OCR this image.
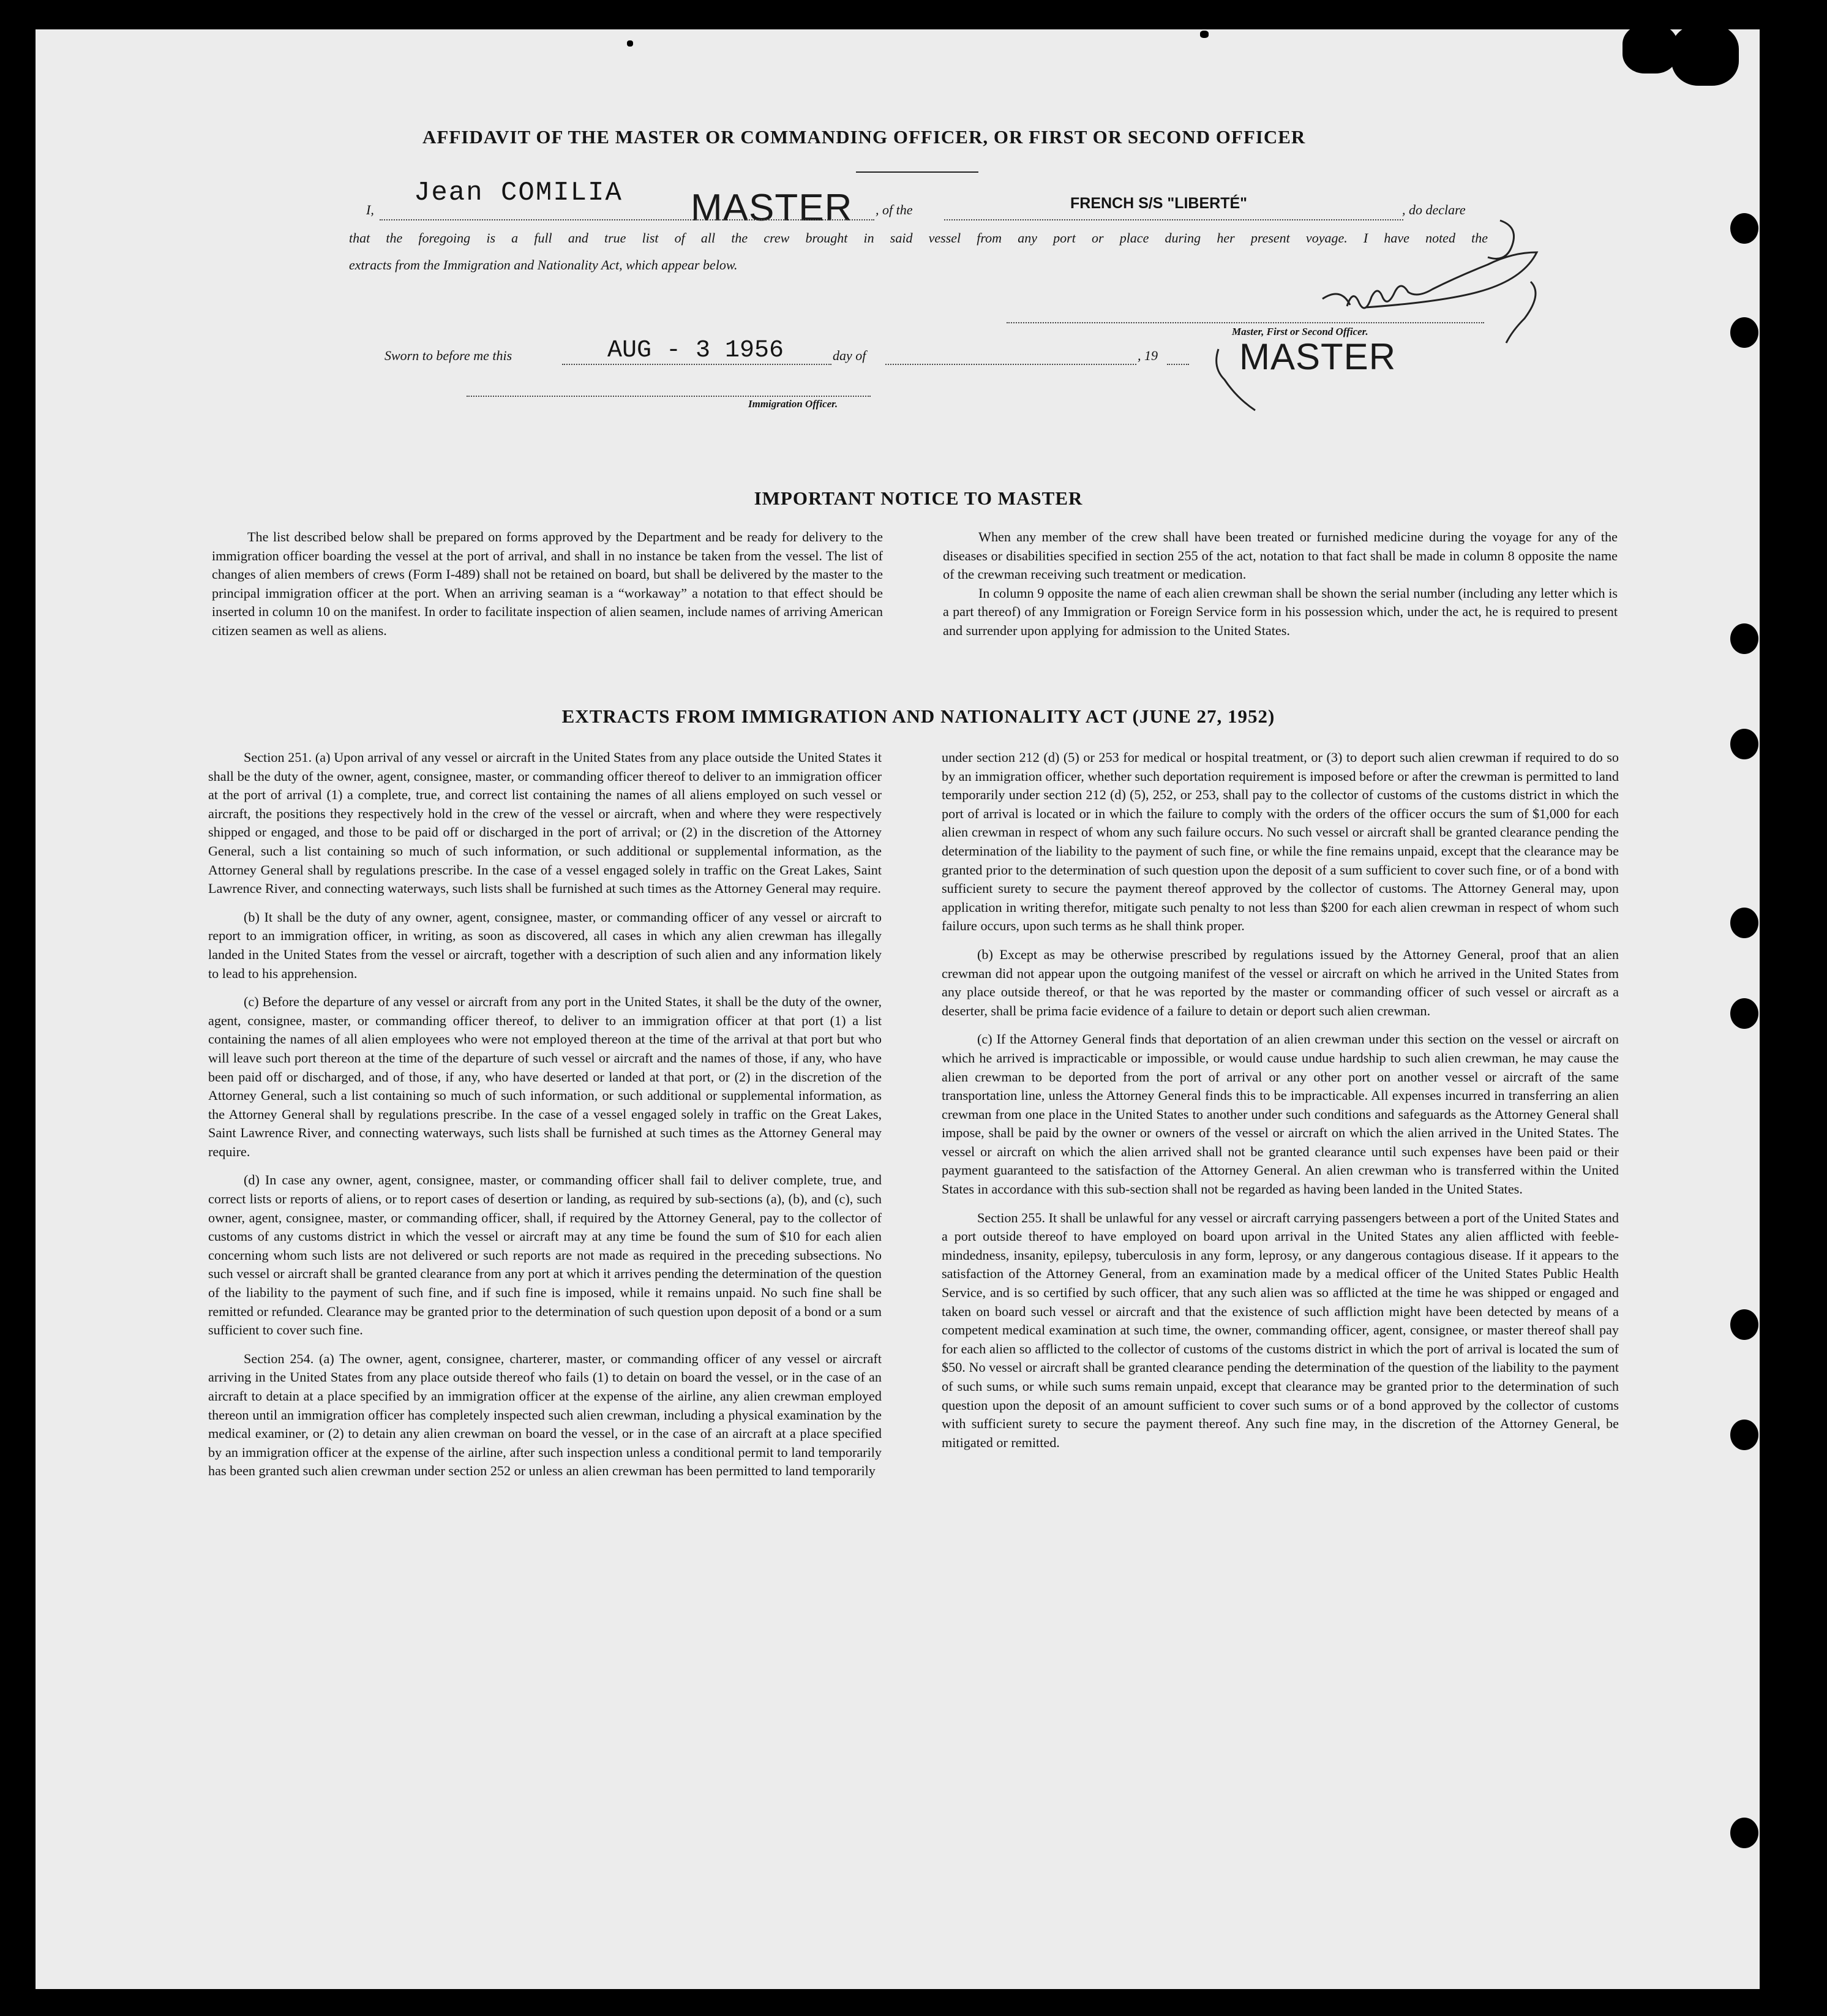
AFFIDAVIT OF THE MASTER OR COMMANDING OFFICER, OR FIRST OR SECOND OFFICER
I,
Jean COMILIA MASTER , of the	FRENCH S/S "LIBERTÉ"	, do declare
that the foregoing is a full and true list of all the crew brought in said vessel from any port or place during her present voyage. I have noted the
extracts from the Immigration and Nationality Act, which appear below.
Master, First or Second Officer.
Sworn to before me this	AUG - 3 1956	day of	, 19 MASTER
Immigration Officer.
IMPORTANT NOTICE TO MASTER

The list described below shall be prepared on forms approved by the Department and be ready for delivery to the immigration officer boarding the vessel at the port of arrival, and shall in no instance be taken from the vessel. The list of changes of alien members of crews (Form I-489) shall not be retained on board, but shall be delivered by the master to the principal immigration officer at the port. When an arriving seaman is a “workaway” a notation to that effect should be inserted in column 10 on the manifest. In order to facilitate inspection of alien seamen, include names of arriving American citizen seamen as well as aliens.

When any member of the crew shall have been treated or furnished medicine during the voyage for any of the diseases or disabilities specified in section 255 of the act, notation to that fact shall be made in column 8 opposite the name of the crewman receiving such treatment or medication.

In column 9 opposite the name of each alien crewman shall be shown the serial number (including any letter which is a part thereof) of any Immigration or Foreign Service form in his possession which, under the act, he is required to present and surrender upon applying for admission to the United States.

EXTRACTS FROM IMMIGRATION AND NATIONALITY ACT (JUNE 27, 1952)

Section 251. (a) Upon arrival of any vessel or aircraft in the United States from any place outside the United States it shall be the duty of the owner, agent, consignee, master, or commanding officer thereof to deliver to an immigration officer at the port of arrival (1) a complete, true, and correct list containing the names of all aliens employed on such vessel or aircraft, the positions they respectively hold in the crew of the vessel or aircraft, when and where they were respectively shipped or engaged, and those to be paid off or discharged in the port of arrival; or (2) in the discretion of the Attorney General, such a list containing so much of such information, or such additional or supplemental information, as the Attorney General shall by regulations prescribe. In the case of a vessel engaged solely in traffic on the Great Lakes, Saint Lawrence River, and connecting waterways, such lists shall be furnished at such times as the Attorney General may require.

(b) It shall be the duty of any owner, agent, consignee, master, or commanding officer of any vessel or aircraft to report to an immigration officer, in writing, as soon as discovered, all cases in which any alien crewman has illegally landed in the United States from the vessel or aircraft, together with a description of such alien and any information likely to lead to his apprehension.

(c) Before the departure of any vessel or aircraft from any port in the United States, it shall be the duty of the owner, agent, consignee, master, or commanding officer thereof, to deliver to an immigration officer at that port (1) a list containing the names of all alien employees who were not employed thereon at the time of the arrival at that port but who will leave such port thereon at the time of the departure of such vessel or aircraft and the names of those, if any, who have been paid off or discharged, and of those, if any, who have deserted or landed at that port, or (2) in the discretion of the Attorney General, such a list containing so much of such information, or such additional or supplemental information, as the Attorney General shall by regulations prescribe. In the case of a vessel engaged solely in traffic on the Great Lakes, Saint Lawrence River, and connecting waterways, such lists shall be furnished at such times as the Attorney General may require.

(d) In case any owner, agent, consignee, master, or commanding officer shall fail to deliver complete, true, and correct lists or reports of aliens, or to report cases of desertion or landing, as required by sub-sections (a), (b), and (c), such owner, agent, consignee, master, or commanding officer, shall, if required by the Attorney General, pay to the collector of customs of any customs district in which the vessel or aircraft may at any time be found the sum of $10 for each alien concerning whom such lists are not delivered or such reports are not made as required in the preceding subsections. No such vessel or aircraft shall be granted clearance from any port at which it arrives pending the determination of the question of the liability to the payment of such fine, and if such fine is imposed, while it remains unpaid. No such fine shall be remitted or refunded. Clearance may be granted prior to the determination of such question upon deposit of a bond or a sum sufficient to cover such fine.

Section 254. (a) The owner, agent, consignee, charterer, master, or commanding officer of any vessel or aircraft arriving in the United States from any place outside thereof who fails (1) to detain on board the vessel, or in the case of an aircraft to detain at a place specified by an immigration officer at the expense of the airline, any alien crewman employed thereon until an immigration officer has completely inspected such alien crewman, including a physical examination by the medical examiner, or (2) to detain any alien crewman on board the vessel, or in the case of an aircraft at a place specified by an immigration officer at the expense of the airline, after such inspection unless a conditional permit to land temporarily has been granted such alien crewman under section 252 or unless an alien crewman has been permitted to land temporarily

under section 212 (d) (5) or 253 for medical or hospital treatment, or (3) to deport such alien crewman if required to do so by an immigration officer, whether such deportation requirement is imposed before or after the crewman is permitted to land temporarily under section 212 (d) (5), 252, or 253, shall pay to the collector of customs of the customs district in which the port of arrival is located or in which the failure to comply with the orders of the officer occurs the sum of $1,000 for each alien crewman in respect of whom any such failure occurs. No such vessel or aircraft shall be granted clearance pending the determination of the liability to the payment of such fine, or while the fine remains unpaid, except that the clearance may be granted prior to the determination of such question upon the deposit of a sum sufficient to cover such fine, or of a bond with sufficient surety to secure the payment thereof approved by the collector of customs. The Attorney General may, upon application in writing therefor, mitigate such penalty to not less than $200 for each alien crewman in respect of whom such failure occurs, upon such terms as he shall think proper.

(b) Except as may be otherwise prescribed by regulations issued by the Attorney General, proof that an alien crewman did not appear upon the outgoing manifest of the vessel or aircraft on which he arrived in the United States from any place outside thereof, or that he was reported by the master or commanding officer of such vessel or aircraft as a deserter, shall be prima facie evidence of a failure to detain or deport such alien crewman.

(c) If the Attorney General finds that deportation of an alien crewman under this section on the vessel or aircraft on which he arrived is impracticable or impossible, or would cause undue hardship to such alien crewman, he may cause the alien crewman to be deported from the port of arrival or any other port on another vessel or aircraft of the same transportation line, unless the Attorney General finds this to be impracticable. All expenses incurred in transferring an alien crewman from one place in the United States to another under such conditions and safeguards as the Attorney General shall impose, shall be paid by the owner or owners of the vessel or aircraft on which the alien arrived in the United States. The vessel or aircraft on which the alien arrived shall not be granted clearance until such expenses have been paid or their payment guaranteed to the satisfaction of the Attorney General. An alien crewman who is transferred within the United States in accordance with this sub-section shall not be regarded as having been landed in the United States.

Section 255. It shall be unlawful for any vessel or aircraft carrying passengers between a port of the United States and a port outside thereof to have employed on board upon arrival in the United States any alien afflicted with feeble-mindedness, insanity, epilepsy, tuberculosis in any form, leprosy, or any dangerous contagious disease. If it appears to the satisfaction of the Attorney General, from an examination made by a medical officer of the United States Public Health Service, and is so certified by such officer, that any such alien was so afflicted at the time he was shipped or engaged and taken on board such vessel or aircraft and that the existence of such affliction might have been detected by means of a competent medical examination at such time, the owner, commanding officer, agent, consignee, or master thereof shall pay for each alien so afflicted to the collector of customs of the customs district in which the port of arrival is located the sum of $50. No vessel or aircraft shall be granted clearance pending the determination of the question of the liability to the payment of such sums, or while such sums remain unpaid, except that clearance may be granted prior to the determination of such question upon the deposit of an amount sufficient to cover such sums or of a bond approved by the collector of customs with sufficient surety to secure the payment thereof. Any such fine may, in the discretion of the Attorney General, be mitigated or remitted.
